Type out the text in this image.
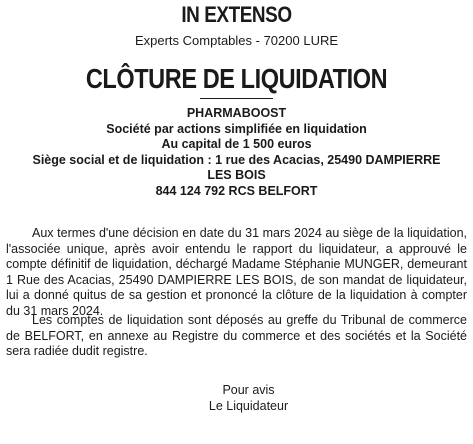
IN EXTENSO
Experts Comptables - 70200 LURE
CLÔTURE DE LIQUIDATION
PHARMABOOST
Société par actions simplifiée en liquidation
Au capital de 1 500 euros
Siège social et de liquidation : 1 rue des Acacias, 25490 DAMPIERRE LES BOIS
844 124 792 RCS BELFORT
Aux termes d'une décision en date du 31 mars 2024 au siège de la liquidation, l'associée unique, après avoir entendu le rapport du liquidateur, a approuvé le compte définitif de liquidation, déchargé Madame Stéphanie MUNGER, demeurant 1 Rue des Acacias, 25490 DAMPIERRE LES BOIS, de son mandat de liquidateur, lui a donné quitus de sa gestion et prononcé la clôture de la liquidation à compter du 31 mars 2024.
Les comptes de liquidation sont déposés au greffe du Tribunal de commerce de BELFORT, en annexe au Registre du commerce et des sociétés et la Société sera radiée dudit registre.
Pour avis
Le Liquidateur
